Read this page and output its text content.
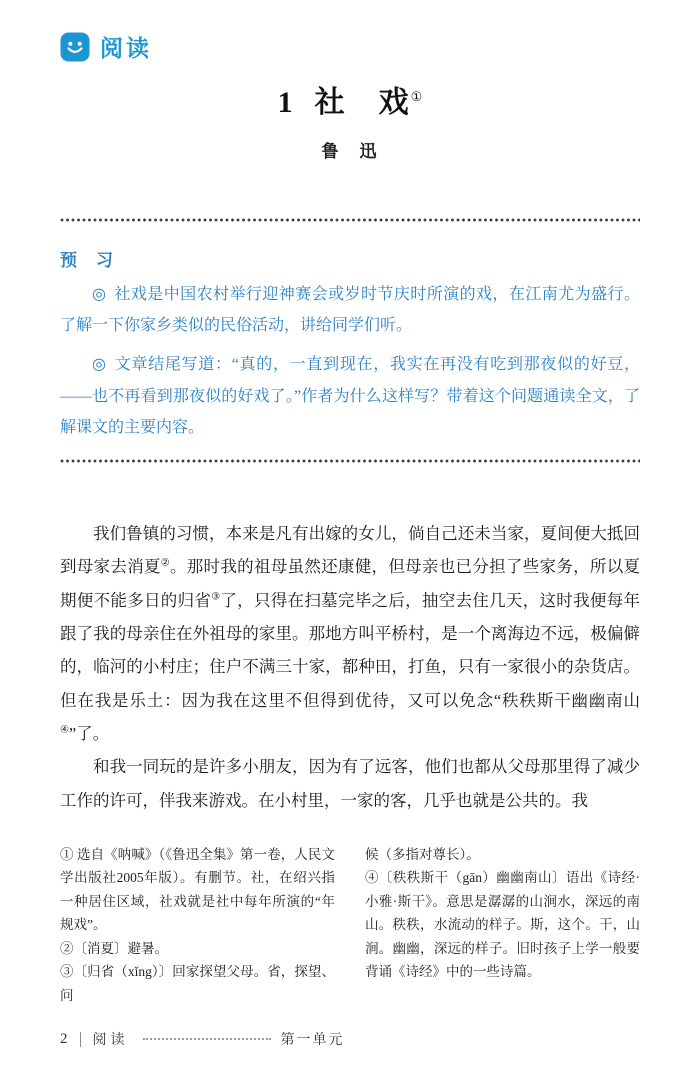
阅读
1 社　戏①
鲁　迅
预　习

◎ 社戏是中国农村举行迎神赛会或岁时节庆时所演的戏，在江南尤为盛行。了解一下你家乡类似的民俗活动，讲给同学们听。

◎ 文章结尾写道：“真的，一直到现在，我实在再没有吃到那夜似的好豆，——也不再看到那夜似的好戏了。”作者为什么这样写？带着这个问题通读全文，了解课文的主要内容。

我们鲁镇的习惯，本来是凡有出嫁的女儿，倘自己还未当家，夏间便大抵回到母家去消夏②。那时我的祖母虽然还康健，但母亲也已分担了些家务，所以夏期便不能多日的归省③了，只得在扫墓完毕之后，抽空去住几天，这时我便每年跟了我的母亲住在外祖母的家里。那地方叫平桥村，是一个离海边不远，极偏僻的，临河的小村庄；住户不满三十家，都种田，打鱼，只有一家很小的杂货店。但在我是乐土：因为我在这里不但得到优待，又可以免念“秩秩斯干幽幽南山④”了。

和我一同玩的是许多小朋友，因为有了远客，他们也都从父母那里得了减少工作的许可，伴我来游戏。在小村里，一家的客，几乎也就是公共的。我

① 选自《呐喊》（《鲁迅全集》第一卷，人民文学出版社2005年版）。有删节。社，在绍兴指一种居住区域，社戏就是社中每年所演的“年规戏”。

②〔消夏〕避暑。

③〔归省（xǐng）〕回家探望父母。省，探望、问

候（多指对尊长）。

④〔秩秩斯干（gān）幽幽南山〕语出《诗经·小雅·斯干》。意思是潺潺的山涧水，深远的南山。秩秩，水流动的样子。斯，这个。干，山涧。幽幽，深远的样子。旧时孩子上学一般要背诵《诗经》中的一些诗篇。

2 阅读	第一单元
